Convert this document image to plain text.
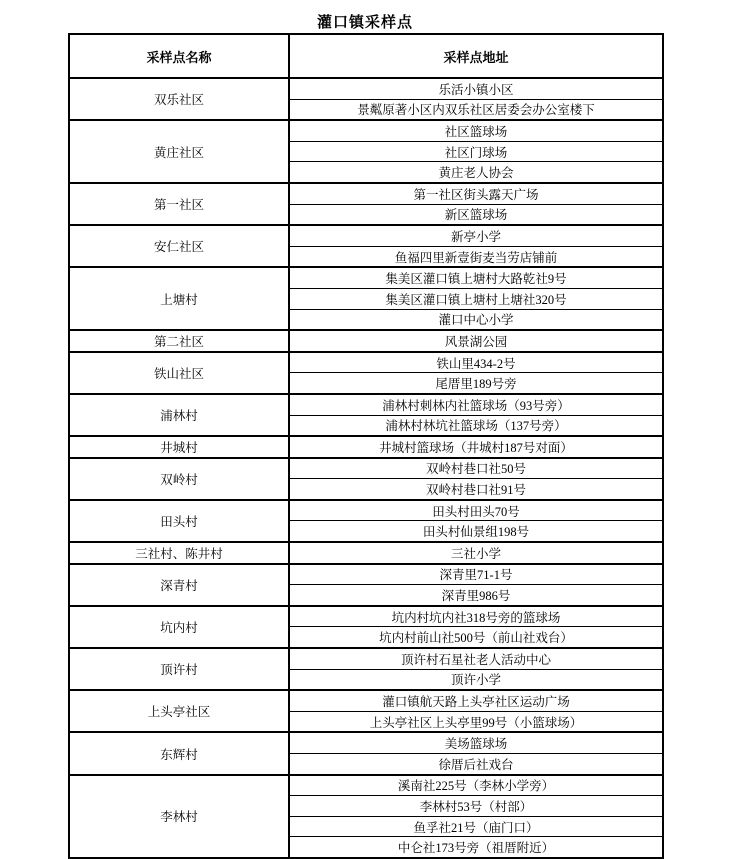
灌口镇采样点
采样点名称	采样点地址
双乐社区	乐活小镇小区
	景粼原著小区内双乐社区居委会办公室楼下
黄庄社区	社区篮球场
	社区门球场
	黄庄老人协会
第一社区	第一社区街头露天广场
	新区篮球场
安仁社区	新亭小学
	鱼福四里新壹街麦当劳店铺前
上塘村	集美区灌口镇上塘村大路乾社9号
	集美区灌口镇上塘村上塘社320号
	灌口中心小学
第二社区	风景湖公园
铁山社区	铁山里434-2号
	尾厝里189号旁
浦林村	浦林村刺林内社篮球场（93号旁）
	浦林村林坑社篮球场（137号旁）
井城村	井城村篮球场（井城村187号对面）
双岭村	双岭村巷口社50号
	双岭村巷口社91号
田头村	田头村田头70号
	田头村仙景组198号
三社村、陈井村	三社小学
深青村	深青里71-1号
	深青里986号
坑内村	坑内村坑内社318号旁的篮球场
	坑内村前山社500号（前山社戏台）
顶许村	顶许村石星社老人活动中心
	顶许小学
上头亭社区	灌口镇航天路上头亭社区运动广场
	上头亭社区上头亭里99号（小篮球场）
东辉村	美场篮球场
	徐厝后社戏台
李林村	溪南社225号（李林小学旁）
	李林村53号（村部）
	鱼孚社21号（庙门口）
	中仑社173号旁（祖厝附近）
